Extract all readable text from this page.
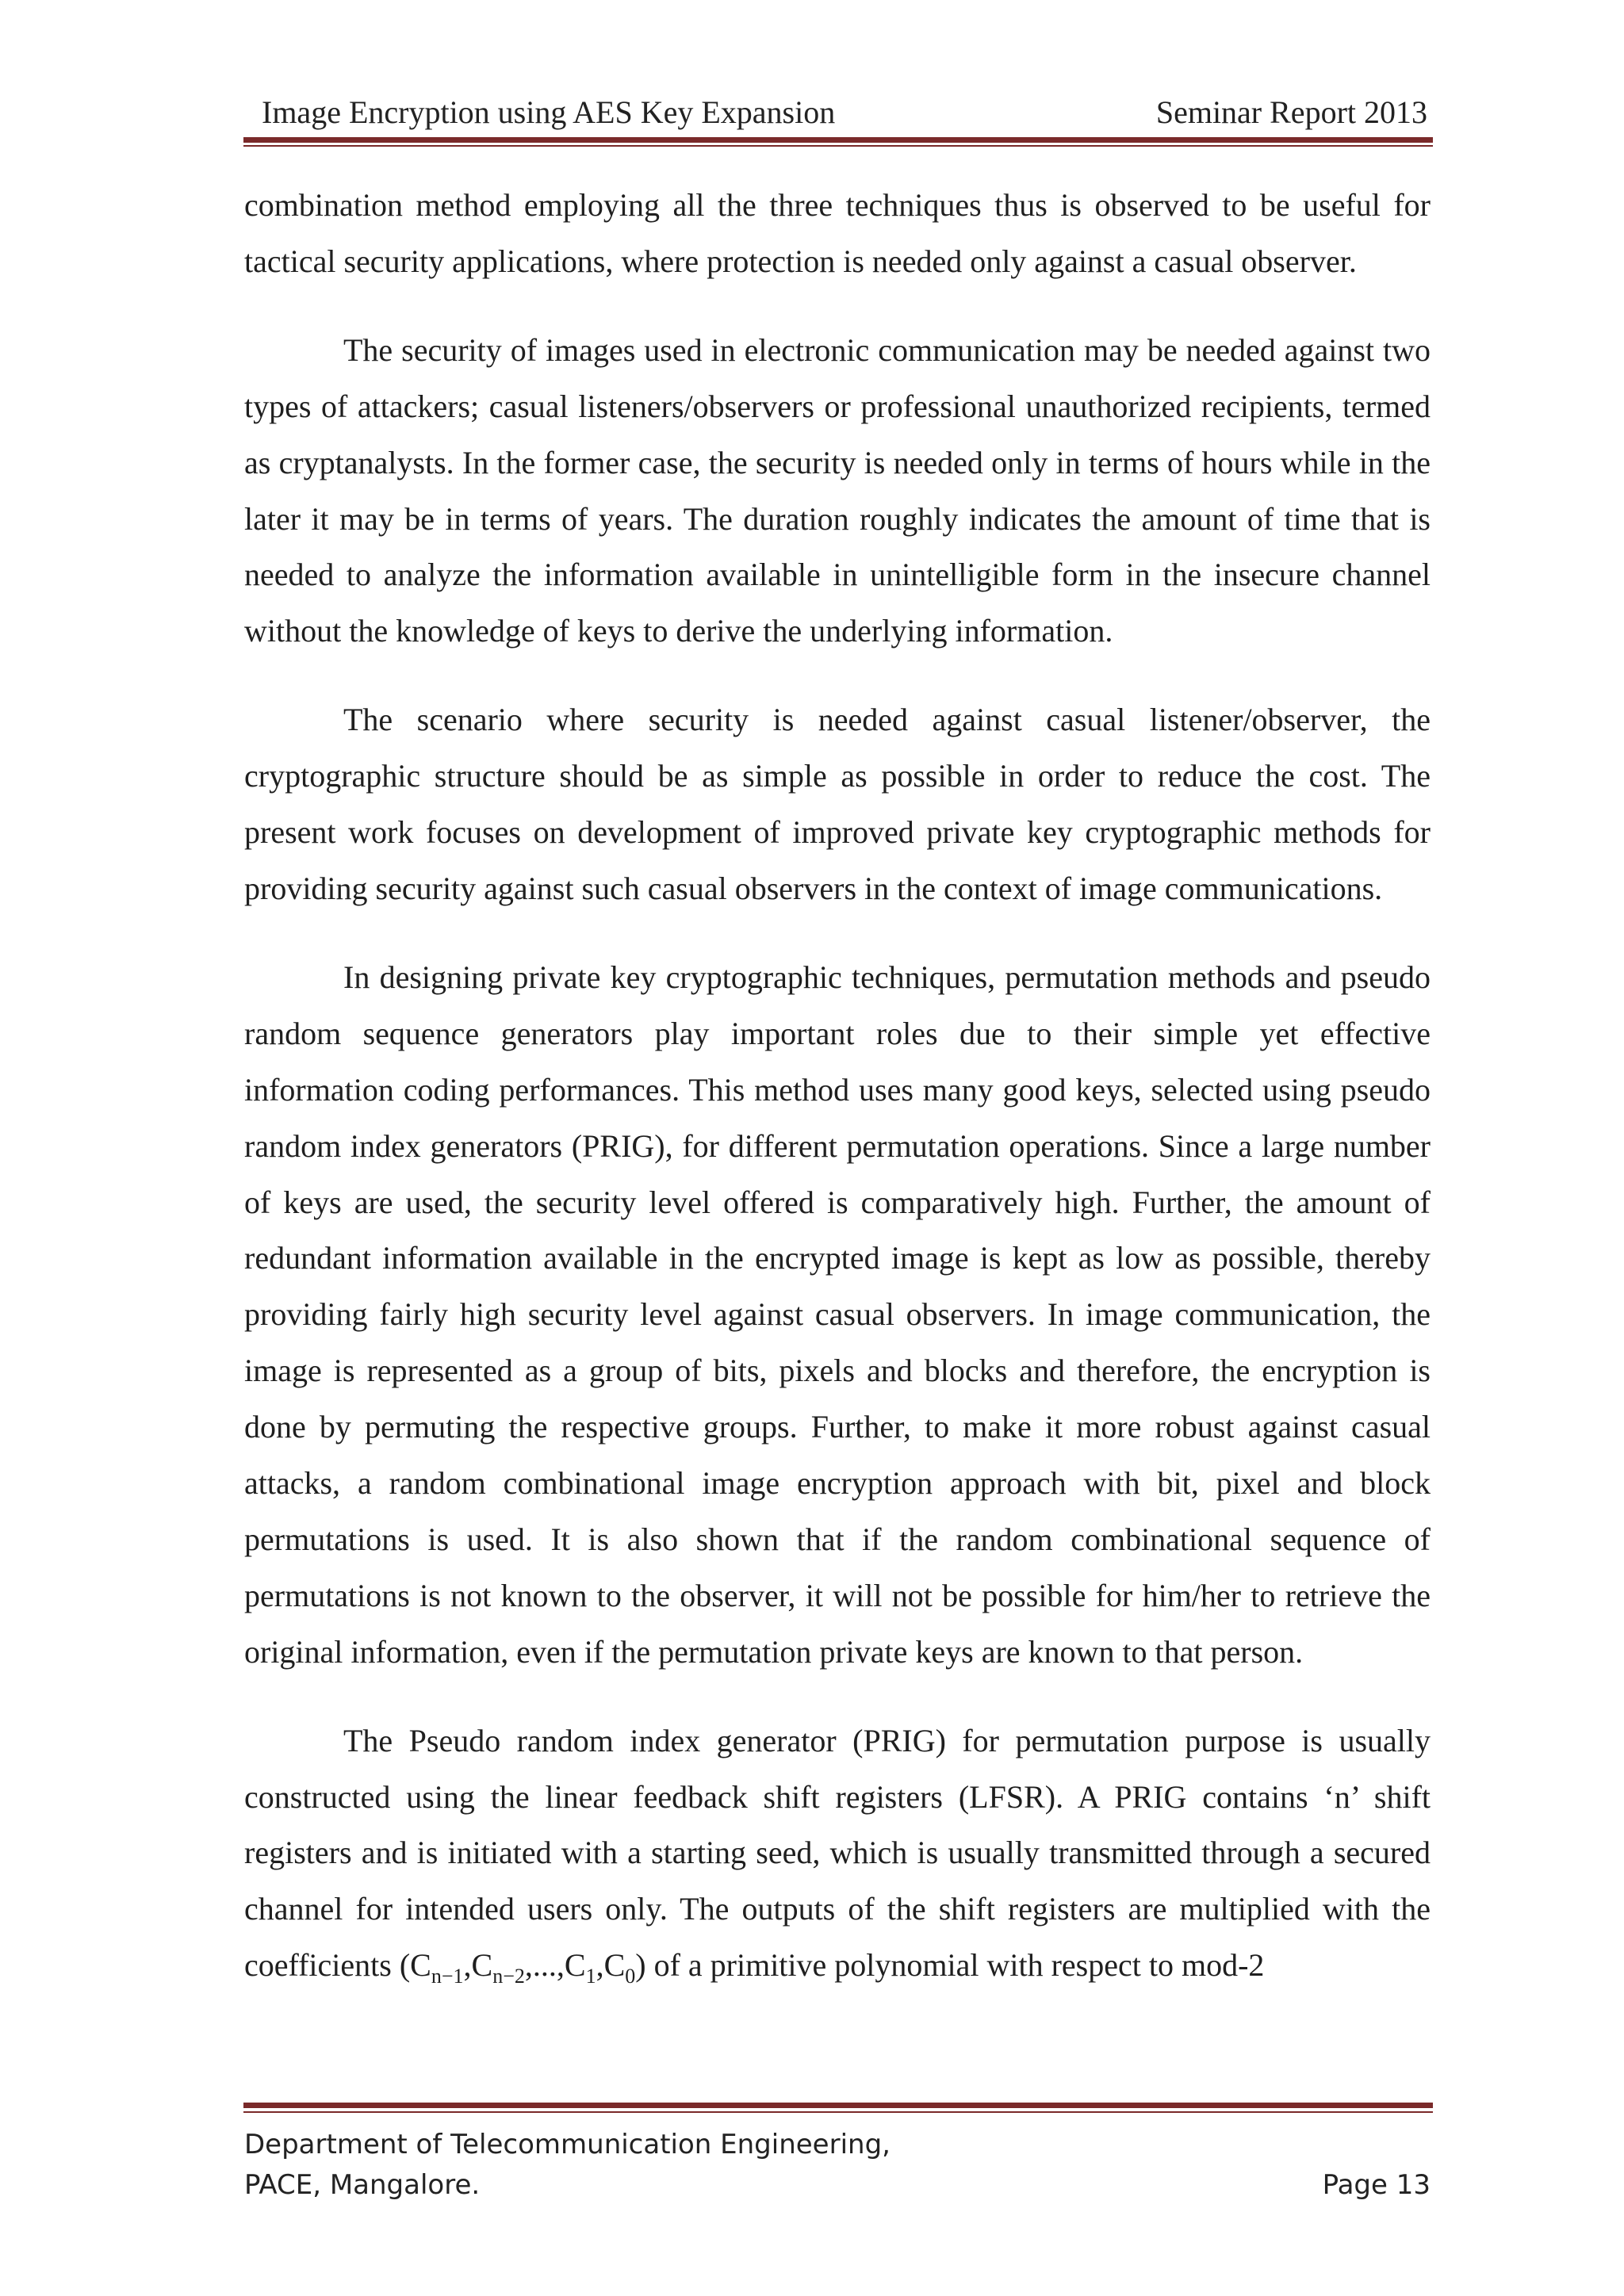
Image Encryption using AES Key Expansion	Seminar Report 2013

combination method employing all the three techniques thus is observed to be useful for tactical security applications, where protection is needed only against a casual observer.

The security of images used in electronic communication may be needed against two types of attackers; casual listeners/observers or professional unauthorized recipients, termed as cryptanalysts. In the former case, the security is needed only in terms of hours while in the later it may be in terms of years. The duration roughly indicates the amount of time that is needed to analyze the information available in unintelligible form in the insecure channel without the knowledge of keys to derive the underlying information.

The scenario where security is needed against casual listener/observer, the cryptographic structure should be as simple as possible in order to reduce the cost. The present work focuses on development of improved private key cryptographic methods for providing security against such casual observers in the context of image communications.

In designing private key cryptographic techniques, permutation methods and pseudo random sequence generators play important roles due to their simple yet effective information coding performances. This method uses many good keys, selected using pseudo random index generators (PRIG), for different permutation operations. Since a large number of keys are used, the security level offered is comparatively high. Further, the amount of redundant information available in the encrypted image is kept as low as possible, thereby providing fairly high security level against casual observers. In image communication, the image is represented as a group of bits, pixels and blocks and therefore, the encryption is done by permuting the respective groups. Further, to make it more robust against casual attacks, a random combinational image encryption approach with bit, pixel and block permutations is used. It is also shown that if the random combinational sequence of permutations is not known to the observer, it will not be possible for him/her to retrieve the original information, even if the permutation private keys are known to that person.

The Pseudo random index generator (PRIG) for permutation purpose is usually constructed using the linear feedback shift registers (LFSR). A PRIG contains ‘n’ shift registers and is initiated with a starting seed, which is usually transmitted through a secured channel for intended users only. The outputs of the shift registers are multiplied with the coefficients $(C_{n-1},C_{n-2},...,C_1,C_0)$ of a primitive polynomial with respect to mod-2

Department of Telecommunication Engineering,
PACE, Mangalore.	Page 13
